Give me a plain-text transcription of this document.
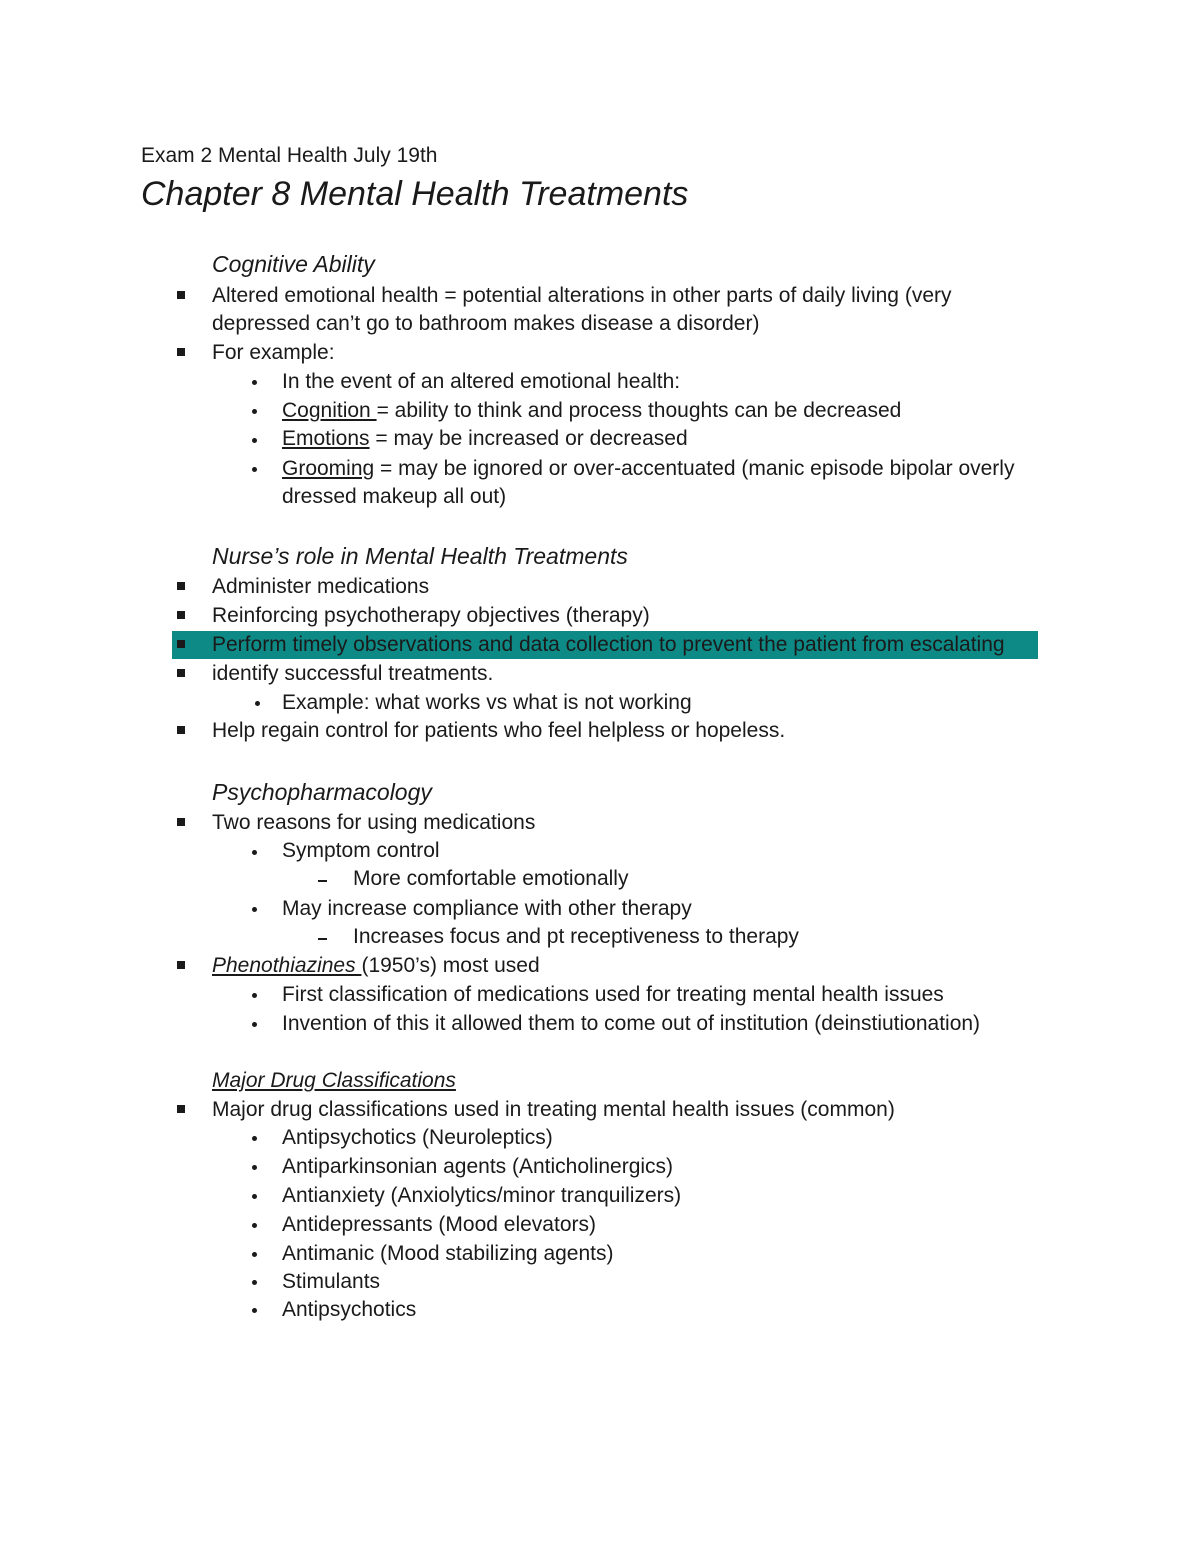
Exam 2 Mental Health July 19th
Chapter 8 Mental Health Treatments
Cognitive Ability
Altered emotional health = potential alterations in other parts of daily living (very
depressed can’t go to bathroom makes disease a disorder)
For example:
In the event of an altered emotional health:
Cognition = ability to think and process thoughts can be decreased
Emotions = may be increased or decreased
Grooming = may be ignored or over-accentuated (manic episode bipolar overly
dressed makeup all out)
Nurse’s role in Mental Health Treatments
Administer medications
Reinforcing psychotherapy objectives (therapy)
Perform timely observations and data collection to prevent the patient from escalating
identify successful treatments.
Example: what works vs what is not working
Help regain control for patients who feel helpless or hopeless.
Psychopharmacology
Two reasons for using medications
Symptom control
More comfortable emotionally
May increase compliance with other therapy
Increases focus and pt receptiveness to therapy
Phenothiazines (1950’s) most used
First classification of medications used for treating mental health issues
Invention of this it allowed them to come out of institution (deinstiutionation)
Major Drug Classifications
Major drug classifications used in treating mental health issues (common)
Antipsychotics (Neuroleptics)
Antiparkinsonian agents (Anticholinergics)
Antianxiety (Anxiolytics/minor tranquilizers)
Antidepressants (Mood elevators)
Antimanic (Mood stabilizing agents)
Stimulants
Antipsychotics
